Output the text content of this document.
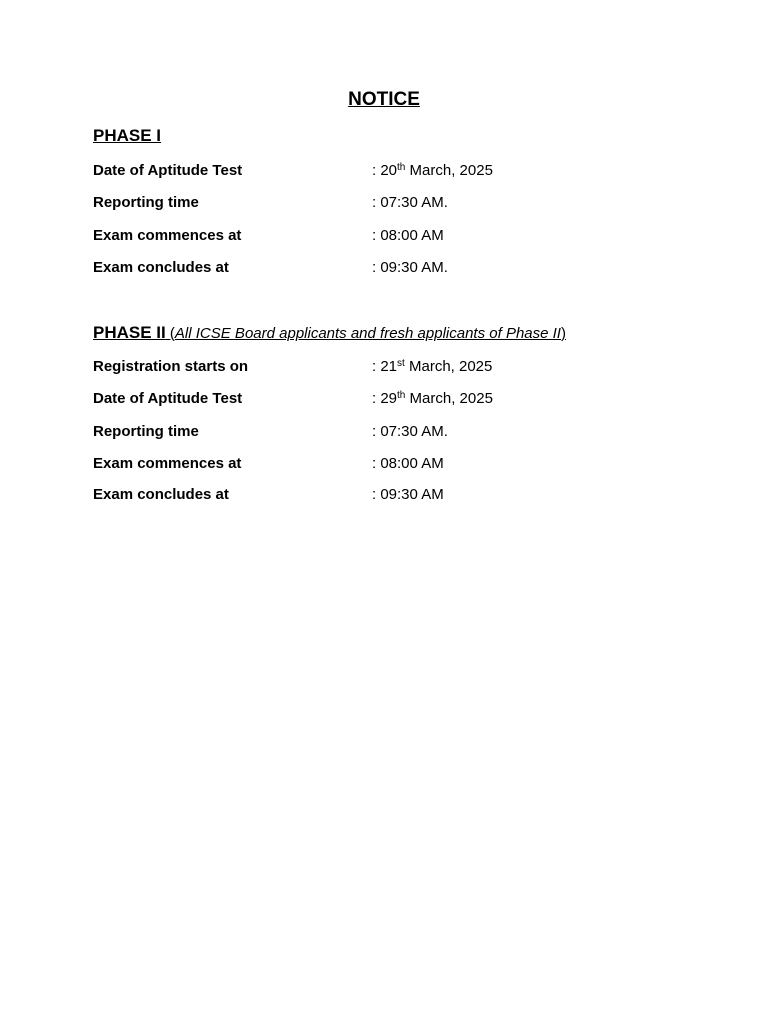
NOTICE
PHASE I
Date of Aptitude Test	: 20th March, 2025
Reporting time	: 07:30 AM.
Exam commences at	: 08:00 AM
Exam concludes at	: 09:30 AM.
PHASE II (All ICSE Board applicants and fresh applicants of Phase II)
Registration starts on	: 21st March, 2025
Date of Aptitude Test	: 29th March, 2025
Reporting time	: 07:30 AM.
Exam commences at	: 08:00 AM
Exam concludes at	: 09:30 AM
